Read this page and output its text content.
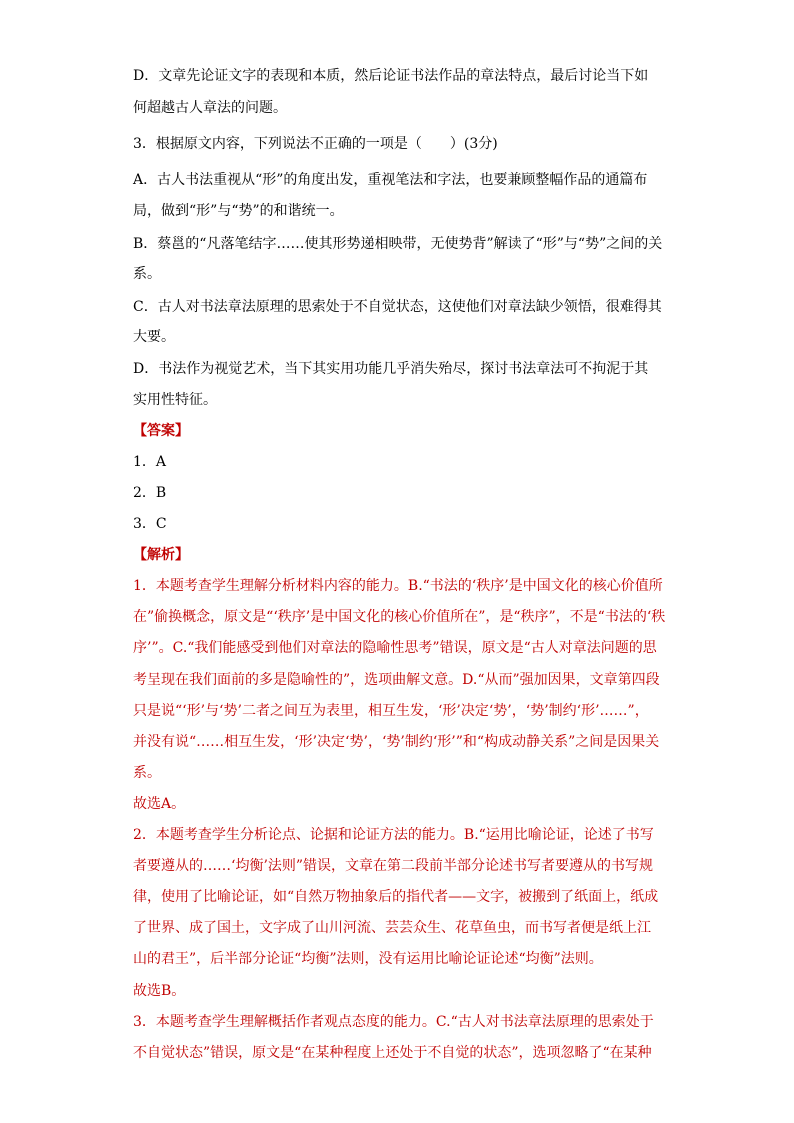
D．文章先论证文字的表现和本质，然后论证书法作品的章法特点，最后讨论当下如
何超越古人章法的问题。
3．根据原文内容，下列说法不正确的一项是（　　）(3分)
A．古人书法重视从“形”的角度出发，重视笔法和字法，也要兼顾整幅作品的通篇布
局，做到“形”与“势”的和谐统一。
B．蔡邕的“凡落笔结字……使其形势递相映带，无使势背”解读了“形”与“势”之间的关
系。
C．古人对书法章法原理的思索处于不自觉状态，这使他们对章法缺少领悟，很难得其
大要。
D．书法作为视觉艺术，当下其实用功能几乎消失殆尽，探讨书法章法可不拘泥于其
实用性特征。
【答案】
1．A
2．B
3．C
【解析】
1．本题考查学生理解分析材料内容的能力。B.“书法的‘秩序’是中国文化的核心价值所
在”偷换概念，原文是“‘秩序’是中国文化的核心价值所在”，是“秩序”，不是“书法的‘秩
序’”。C.“我们能感受到他们对章法的隐喻性思考”错误，原文是“古人对章法问题的思
考呈现在我们面前的多是隐喻性的”，选项曲解文意。D.“从而”强加因果，文章第四段
只是说“‘形’与‘势’二者之间互为表里，相互生发，‘形’决定‘势’，‘势’制约‘形’……”，
并没有说“……相互生发，‘形’决定‘势’，‘势’制约‘形’”和“构成动静关系”之间是因果关
系。
故选A。
2．本题考查学生分析论点、论据和论证方法的能力。B.“运用比喻论证，论述了书写
者要遵从的……‘均衡’法则”错误，文章在第二段前半部分论述书写者要遵从的书写规
律，使用了比喻论证，如“自然万物抽象后的指代者——文字，被搬到了纸面上，纸成
了世界、成了国土，文字成了山川河流、芸芸众生、花草鱼虫，而书写者便是纸上江
山的君王”，后半部分论证“均衡”法则，没有运用比喻论证论述“均衡”法则。
故选B。
3．本题考查学生理解概括作者观点态度的能力。C.“古人对书法章法原理的思索处于
不自觉状态”错误，原文是“在某种程度上还处于不自觉的状态”，选项忽略了“在某种
